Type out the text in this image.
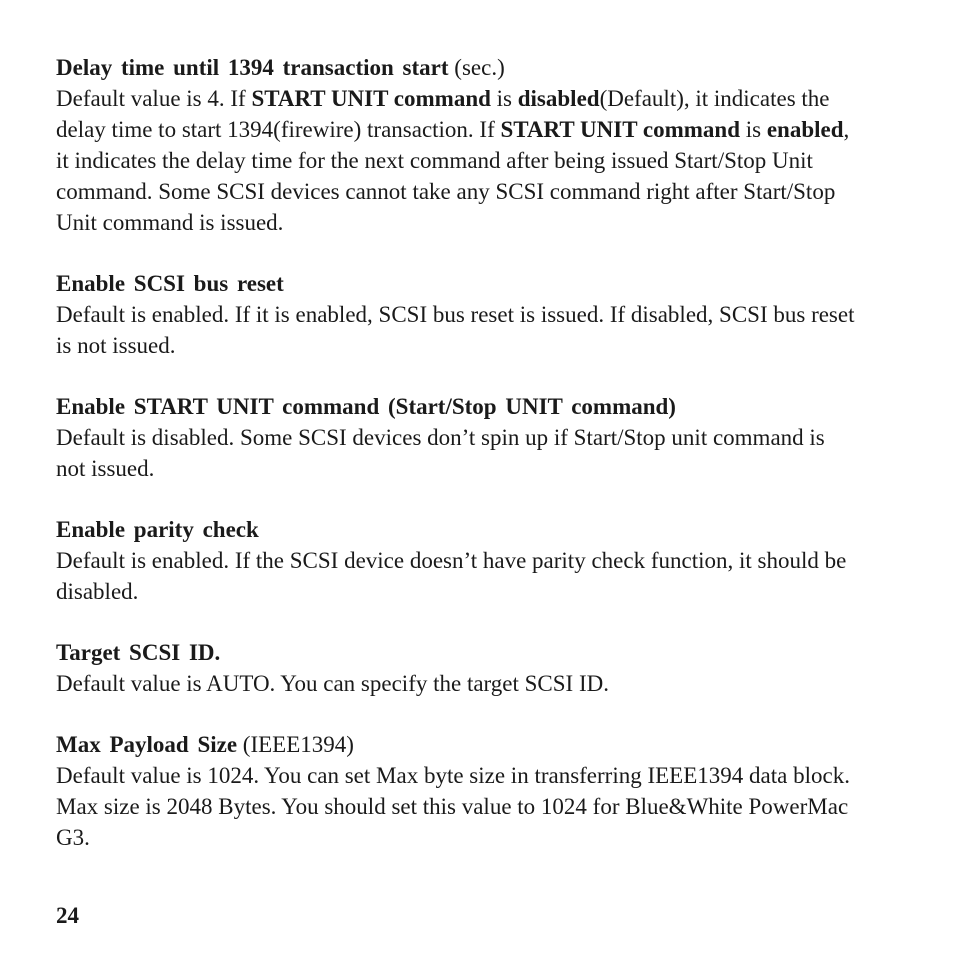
Delay time until 1394 transaction start (sec.)

Default value is 4. If START UNIT command is disabled(Default), it indicates the delay time to start 1394(firewire) transaction. If START UNIT command is enabled, it indicates the delay time for the next command after being issued Start/Stop Unit command. Some SCSI devices cannot take any SCSI command right after Start/Stop Unit command is issued.

Enable SCSI bus reset

Default is enabled. If it is enabled, SCSI bus reset is issued. If disabled, SCSI bus reset is not issued.

Enable START UNIT command (Start/Stop UNIT command)

Default is disabled. Some SCSI devices don’t spin up if Start/Stop unit command is not issued.

Enable parity check

Default is enabled. If the SCSI device doesn’t have parity check function, it should be disabled.

Target SCSI ID.

Default value is AUTO. You can specify the target SCSI ID.

Max Payload Size (IEEE1394)

Default value is 1024. You can set Max byte size in transferring IEEE1394 data block. Max size is 2048 Bytes. You should set this value to 1024 for Blue&White PowerMac G3.

24
